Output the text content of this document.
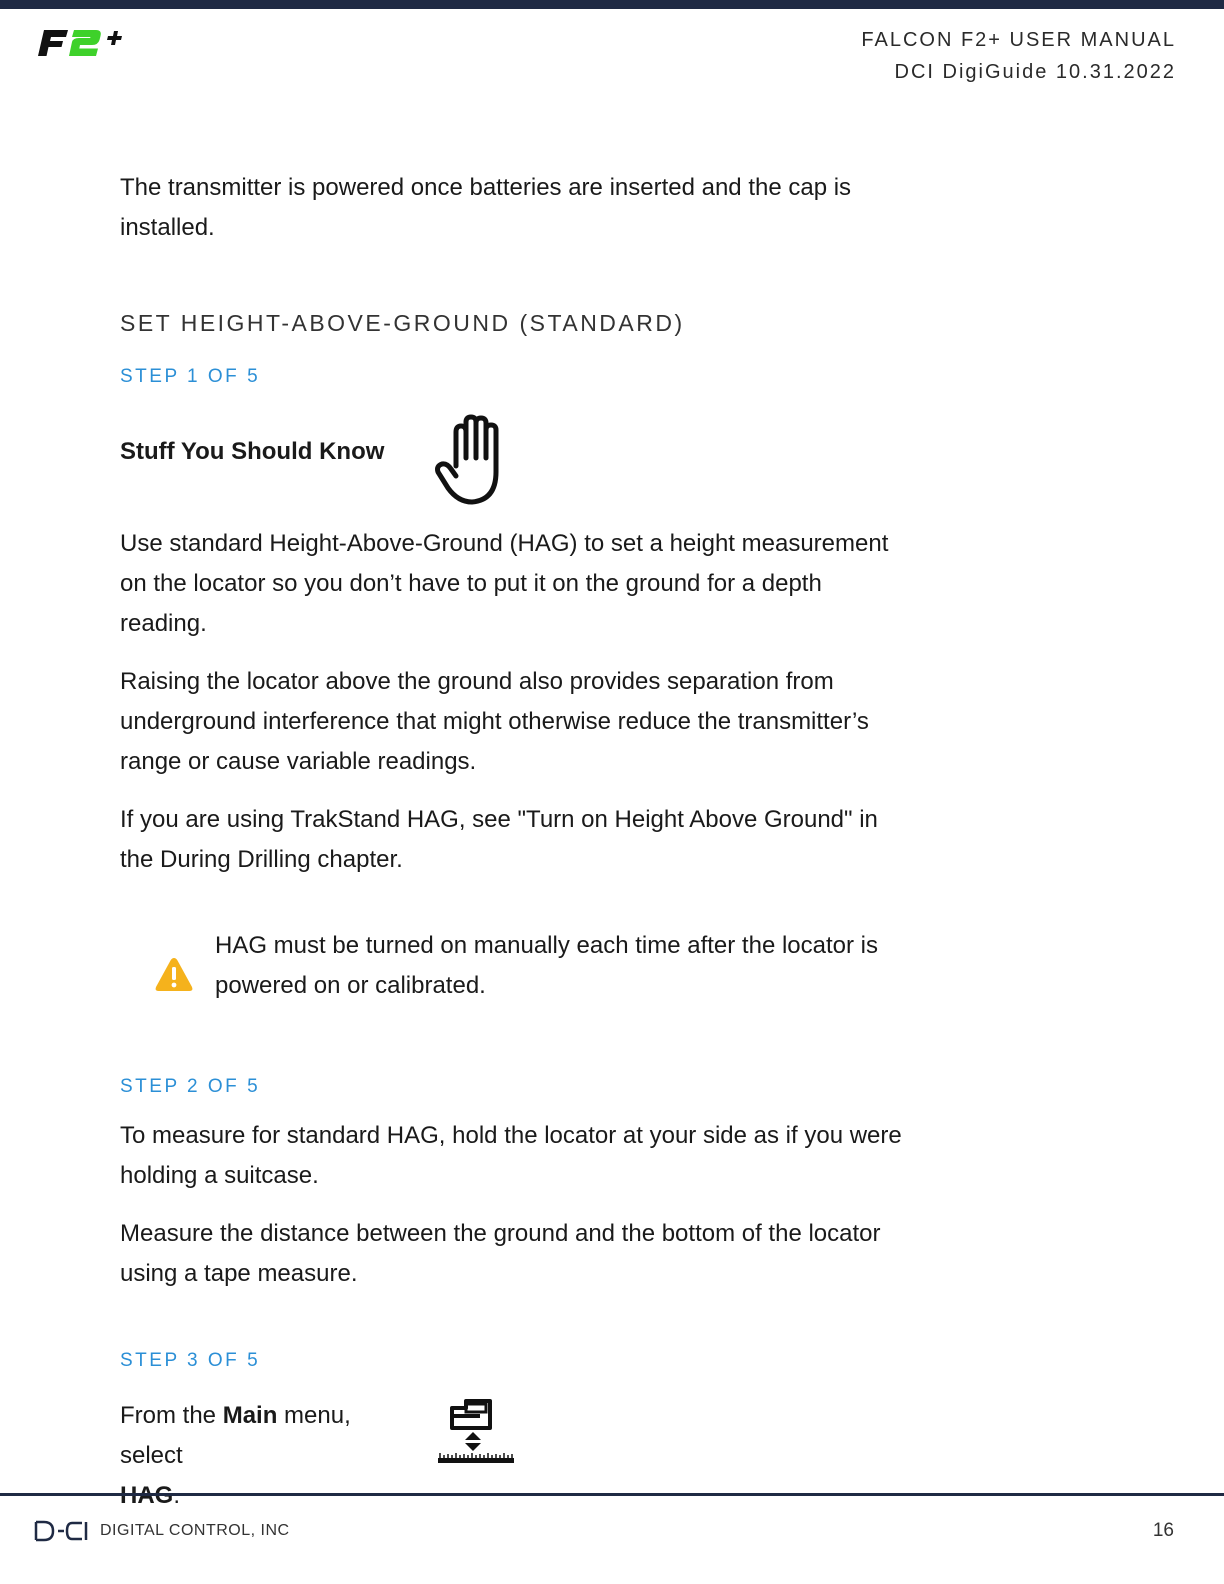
FALCON F2+ USER MANUAL
DCI DigiGuide 10.31.2022

The transmitter is powered once batteries are inserted and the cap is installed.

SET HEIGHT-ABOVE-GROUND (STANDARD)
STEP 1 OF 5
Stuff You Should Know

Use standard Height-Above-Ground (HAG) to set a height measurement on the locator so you don’t have to put it on the ground for a depth reading.

Raising the locator above the ground also provides separation from underground interference that might otherwise reduce the transmitter’s range or cause variable readings.

If you are using TrakStand HAG, see "Turn on Height Above Ground" in the During Drilling chapter.

HAG must be turned on manually each time after the locator is powered on or calibrated.
STEP 2 OF 5

To measure for standard HAG, hold the locator at your side as if you were holding a suitcase.

Measure the distance between the ground and the bottom of the locator using a tape measure.

STEP 3 OF 5
From the Main menu, select

DIGITAL CONTROL, INC	16
